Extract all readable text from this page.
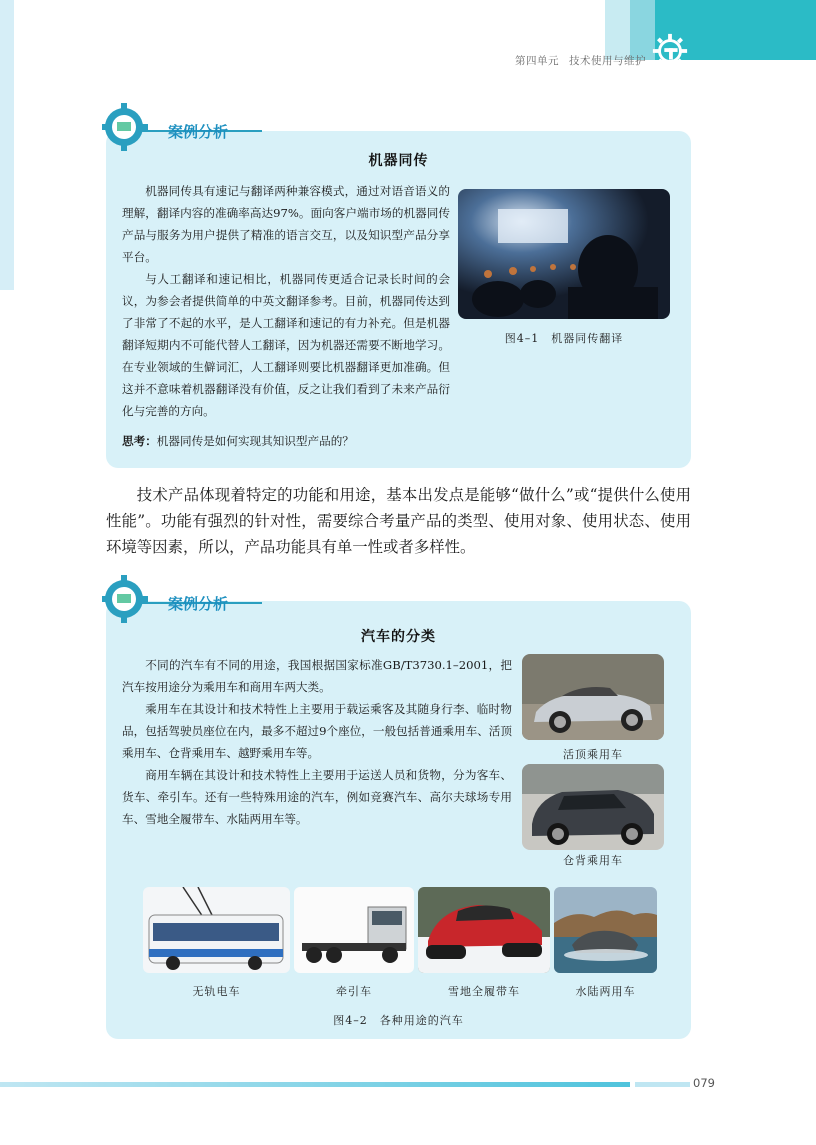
第四单元 技术使用与维护
案例分析
机器同传

机器同传具有速记与翻译两种兼容模式，通过对语音语义的理解，翻译内容的准确率高达97%。面向客户端市场的机器同传产品与服务为用户提供了精准的语言交互，以及知识型产品分享平台。

与人工翻译和速记相比，机器同传更适合记录长时间的会议，为参会者提供简单的中英文翻译参考。目前，机器同传达到了非常了不起的水平，是人工翻译和速记的有力补充。但是机器翻译短期内不可能代替人工翻译，因为机器还需要不断地学习。在专业领域的生僻词汇，人工翻译则要比机器翻译更加准确。但这并不意味着机器翻译没有价值，反之让我们看到了未来产品衍化与完善的方向。

图4–1　机器同传翻译

思考：机器同传是如何实现其知识型产品的？

技术产品体现着特定的功能和用途，基本出发点是能够“做什么”或“提供什么使用性能”。功能有强烈的针对性，需要综合考量产品的类型、使用对象、使用状态、使用环境等因素，所以，产品功能具有单一性或者多样性。

案例分析
汽车的分类

不同的汽车有不同的用途，我国根据国家标准GB/T3730.1–2001，把汽车按用途分为乘用车和商用车两大类。

乘用车在其设计和技术特性上主要用于载运乘客及其随身行李、临时物品，包括驾驶员座位在内，最多不超过9个座位，一般包括普通乘用车、活顶乘用车、仓背乘用车、越野乘用车等。

商用车辆在其设计和技术特性上主要用于运送人员和货物，分为客车、货车、牵引车。还有一些特殊用途的汽车，例如竞赛汽车、高尔夫球场专用车、雪地全履带车、水陆两用车等。

活顶乘用车
仓背乘用车
无轨电车	牵引车	雪地全履带车	水陆两用车
图4–2　各种用途的汽车
079
